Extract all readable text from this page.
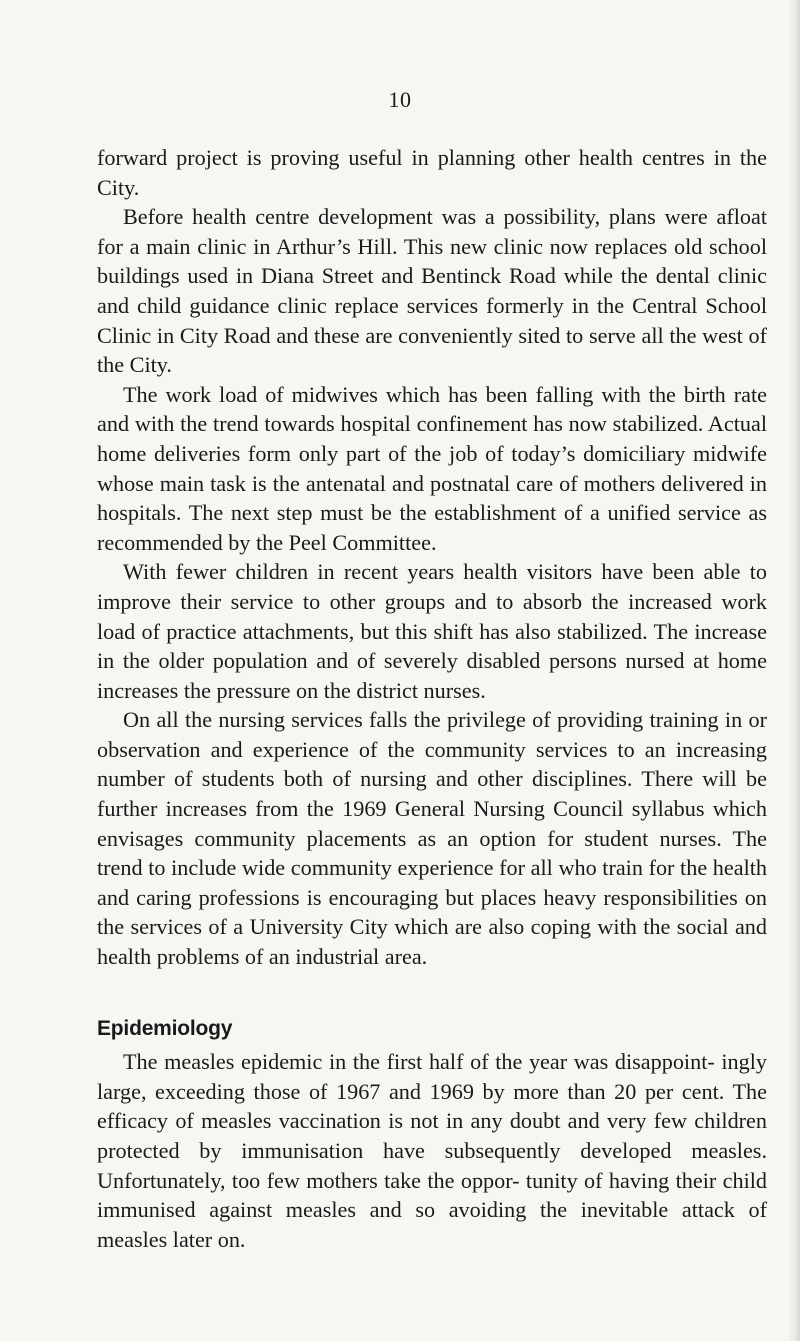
10

forward project is proving useful in planning other health centres in the City.

Before health centre development was a possibility, plans were afloat for a main clinic in Arthur’s Hill. This new clinic now replaces old school buildings used in Diana Street and Bentinck Road while the dental clinic and child guidance clinic replace services formerly in the Central School Clinic in City Road and these are conveniently sited to serve all the west of the City.

The work load of midwives which has been falling with the birth rate and with the trend towards hospital confinement has now stabilized. Actual home deliveries form only part of the job of today’s domiciliary midwife whose main task is the antenatal and postnatal care of mothers delivered in hospitals. The next step must be the establishment of a unified service as recommended by the Peel Committee.

With fewer children in recent years health visitors have been able to improve their service to other groups and to absorb the increased work load of practice attachments, but this shift has also stabilized. The increase in the older population and of severely disabled persons nursed at home increases the pressure on the district nurses.

On all the nursing services falls the privilege of providing training in or observation and experience of the community services to an increasing number of students both of nursing and other disciplines. There will be further increases from the 1969 General Nursing Council syllabus which envisages community placements as an option for student nurses. The trend to include wide community experience for all who train for the health and caring professions is encouraging but places heavy responsibilities on the services of a University City which are also coping with the social and health problems of an industrial area.

Epidemiology

The measles epidemic in the first half of the year was disappoint- ingly large, exceeding those of 1967 and 1969 by more than 20 per cent. The efficacy of measles vaccination is not in any doubt and very few children protected by immunisation have subsequently developed measles. Unfortunately, too few mothers take the oppor- tunity of having their child immunised against measles and so avoiding the inevitable attack of measles later on.
